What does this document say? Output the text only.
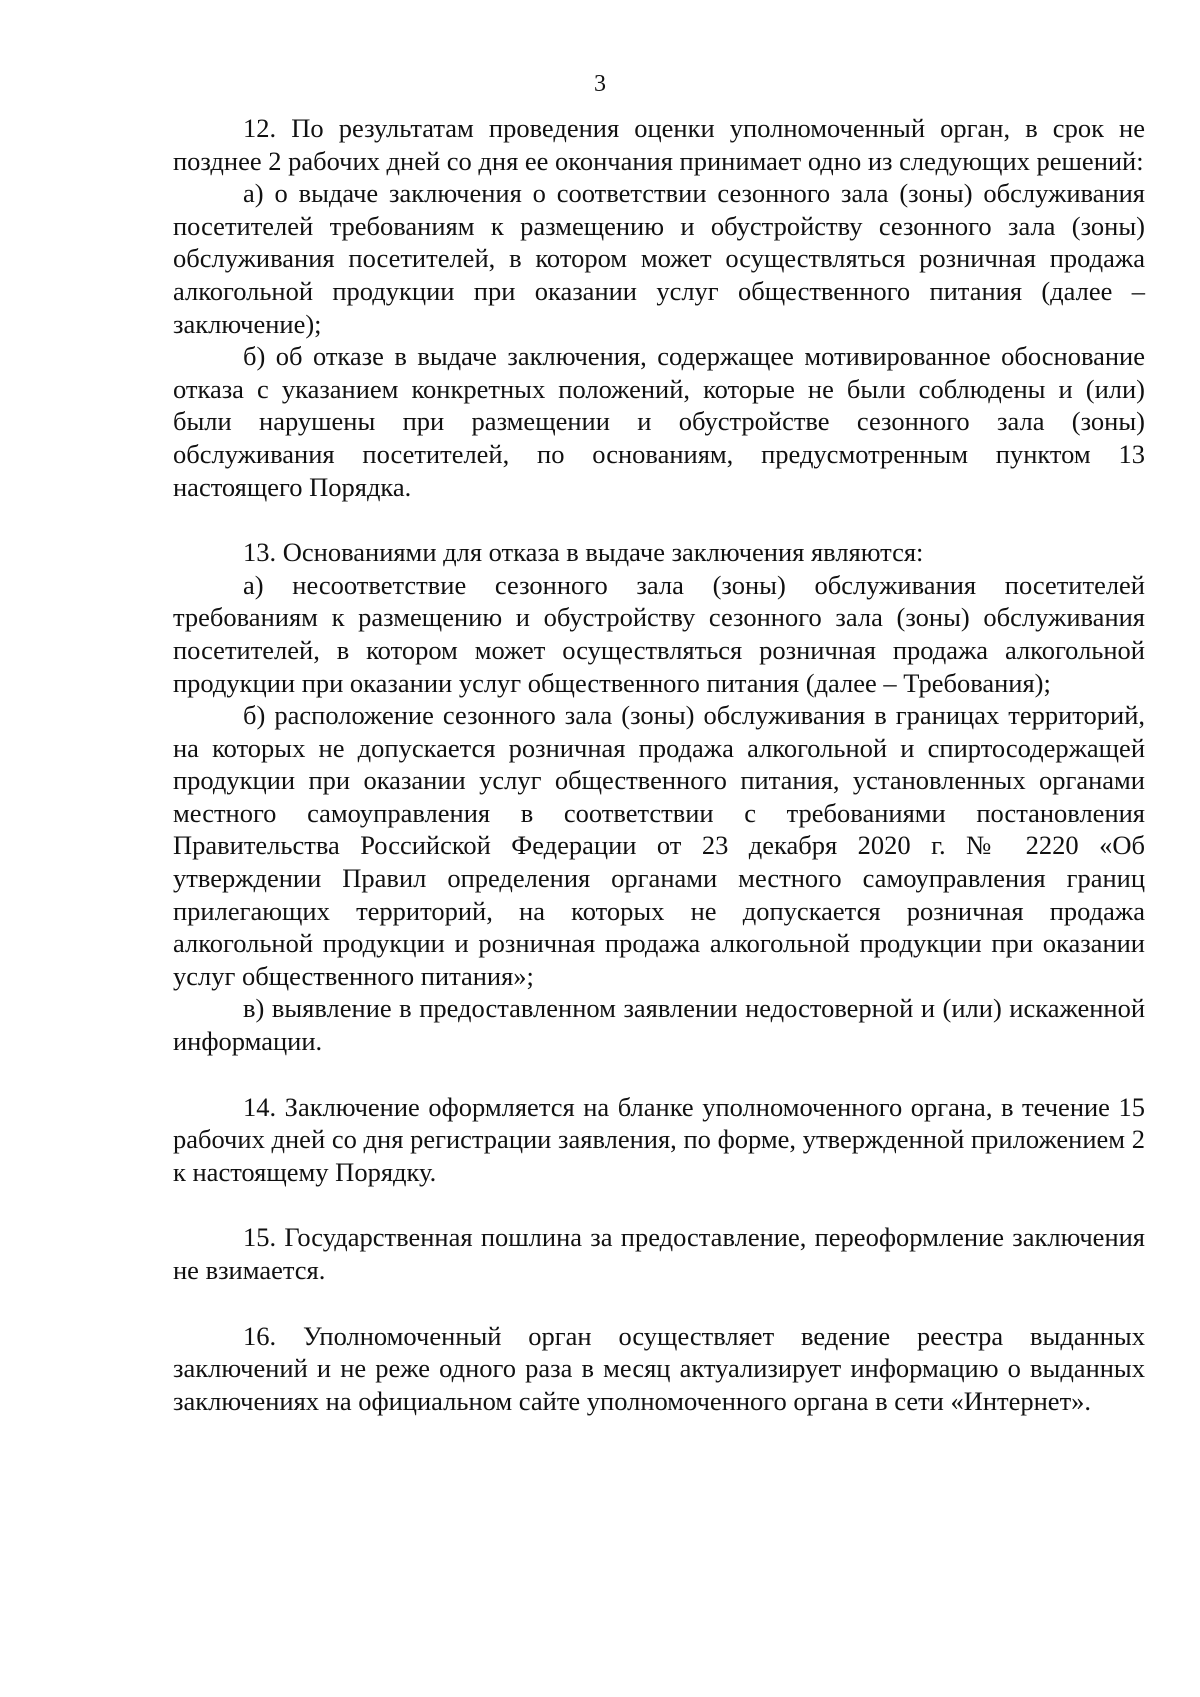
3

12. По результатам проведения оценки уполномоченный орган, в срок не позднее 2 рабочих дней со дня ее окончания принимает одно из следующих решений:

а) о выдаче заключения о соответствии сезонного зала (зоны) обслуживания посетителей требованиям к размещению и обустройству сезонного зала (зоны) обслуживания посетителей, в котором может осуществляться розничная продажа алкогольной продукции при оказании услуг общественного питания (далее – заключение);

б) об отказе в выдаче заключения, содержащее мотивированное обоснование отказа с указанием конкретных положений, которые не были соблюдены и (или) были нарушены при размещении и обустройстве сезонного зала (зоны) обслуживания посетителей, по основаниям, предусмотренным пунктом 13 настоящего Порядка.

13. Основаниями для отказа в выдаче заключения являются:

а) несоответствие сезонного зала (зоны) обслуживания посетителей требованиям к размещению и обустройству сезонного зала (зоны) обслуживания посетителей, в котором может осуществляться розничная продажа алкогольной продукции при оказании услуг общественного питания (далее – Требования);

б) расположение сезонного зала (зоны) обслуживания в границах территорий, на которых не допускается розничная продажа алкогольной и спиртосодержащей продукции при оказании услуг общественного питания, установленных органами местного самоуправления в соответствии с требованиями постановления Правительства Российской Федерации от 23 декабря 2020 г. № 2220 «Об утверждении Правил определения органами местного самоуправления границ прилегающих территорий, на которых не допускается розничная продажа алкогольной продукции и розничная продажа алкогольной продукции при оказании услуг общественного питания»;

в) выявление в предоставленном заявлении недостоверной и (или) искаженной информации.

14. Заключение оформляется на бланке уполномоченного органа, в течение 15 рабочих дней со дня регистрации заявления, по форме, утвержденной приложением 2 к настоящему Порядку.

15. Государственная пошлина за предоставление, переоформление заключения не взимается.

16. Уполномоченный орган осуществляет ведение реестра выданных заключений и не реже одного раза в месяц актуализирует информацию о выданных заключениях на официальном сайте уполномоченного органа в сети «Интернет».
